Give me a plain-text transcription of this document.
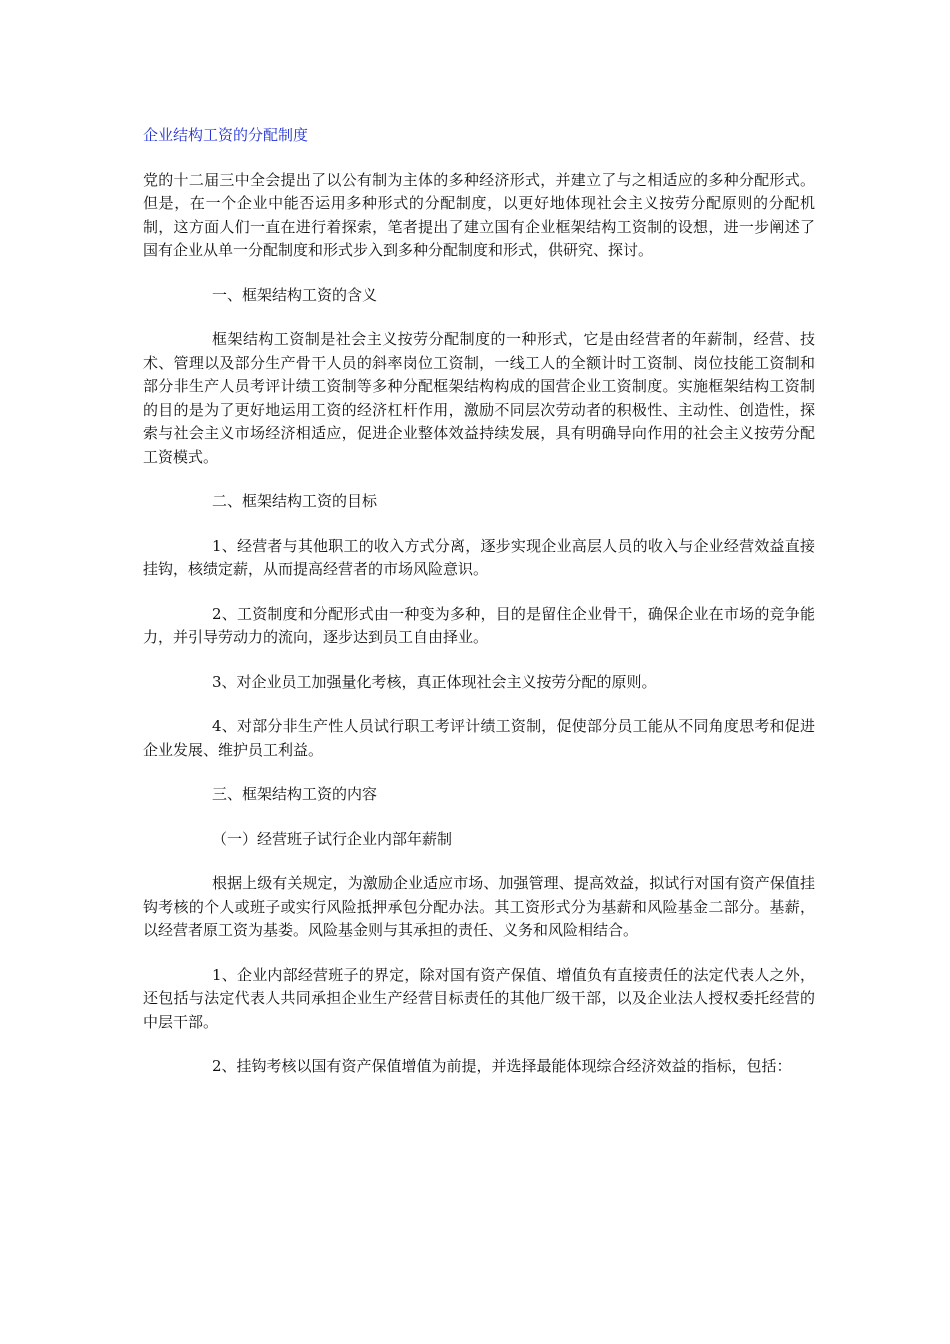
企业结构工资的分配制度
党的十二届三中全会提出了以公有制为主体的多种经济形式，并建立了与之相适应的多种分配形式。但是，在一个企业中能否运用多种形式的分配制度，以更好地体现社会主义按劳分配原则的分配机制，这方面人们一直在进行着探索，笔者提出了建立国有企业框架结构工资制的设想，进一步阐述了国有企业从单一分配制度和形式步入到多种分配制度和形式，供研究、探讨。
一、框架结构工资的含义
框架结构工资制是社会主义按劳分配制度的一种形式，它是由经营者的年薪制，经营、技术、管理以及部分生产骨干人员的斜率岗位工资制，一线工人的全额计时工资制、岗位技能工资制和部分非生产人员考评计绩工资制等多种分配框架结构构成的国营企业工资制度。实施框架结构工资制的目的是为了更好地运用工资的经济杠杆作用，激励不同层次劳动者的积极性、主动性、创造性，探索与社会主义市场经济相适应，促进企业整体效益持续发展，具有明确导向作用的社会主义按劳分配工资模式。
二、框架结构工资的目标
1、经营者与其他职工的收入方式分离，逐步实现企业高层人员的收入与企业经营效益直接挂钩，核绩定薪，从而提高经营者的市场风险意识。
2、工资制度和分配形式由一种变为多种，目的是留住企业骨干，确保企业在市场的竞争能力，并引导劳动力的流向，逐步达到员工自由择业。
3、对企业员工加强量化考核，真正体现社会主义按劳分配的原则。
4、对部分非生产性人员试行职工考评计绩工资制，促使部分员工能从不同角度思考和促进企业发展、维护员工利益。
三、框架结构工资的内容
（一）经营班子试行企业内部年薪制
根据上级有关规定，为激励企业适应市场、加强管理、提高效益，拟试行对国有资产保值挂钩考核的个人或班子或实行风险抵押承包分配办法。其工资形式分为基薪和风险基金二部分。基薪，以经营者原工资为基娄。风险基金则与其承担的责任、义务和风险相结合。
1、企业内部经营班子的界定，除对国有资产保值、增值负有直接责任的法定代表人之外，还包括与法定代表人共同承担企业生产经营目标责任的其他厂级干部，以及企业法人授权委托经营的中层干部。
2、挂钩考核以国有资产保值增值为前提，并选择最能体现综合经济效益的指标，包括：
